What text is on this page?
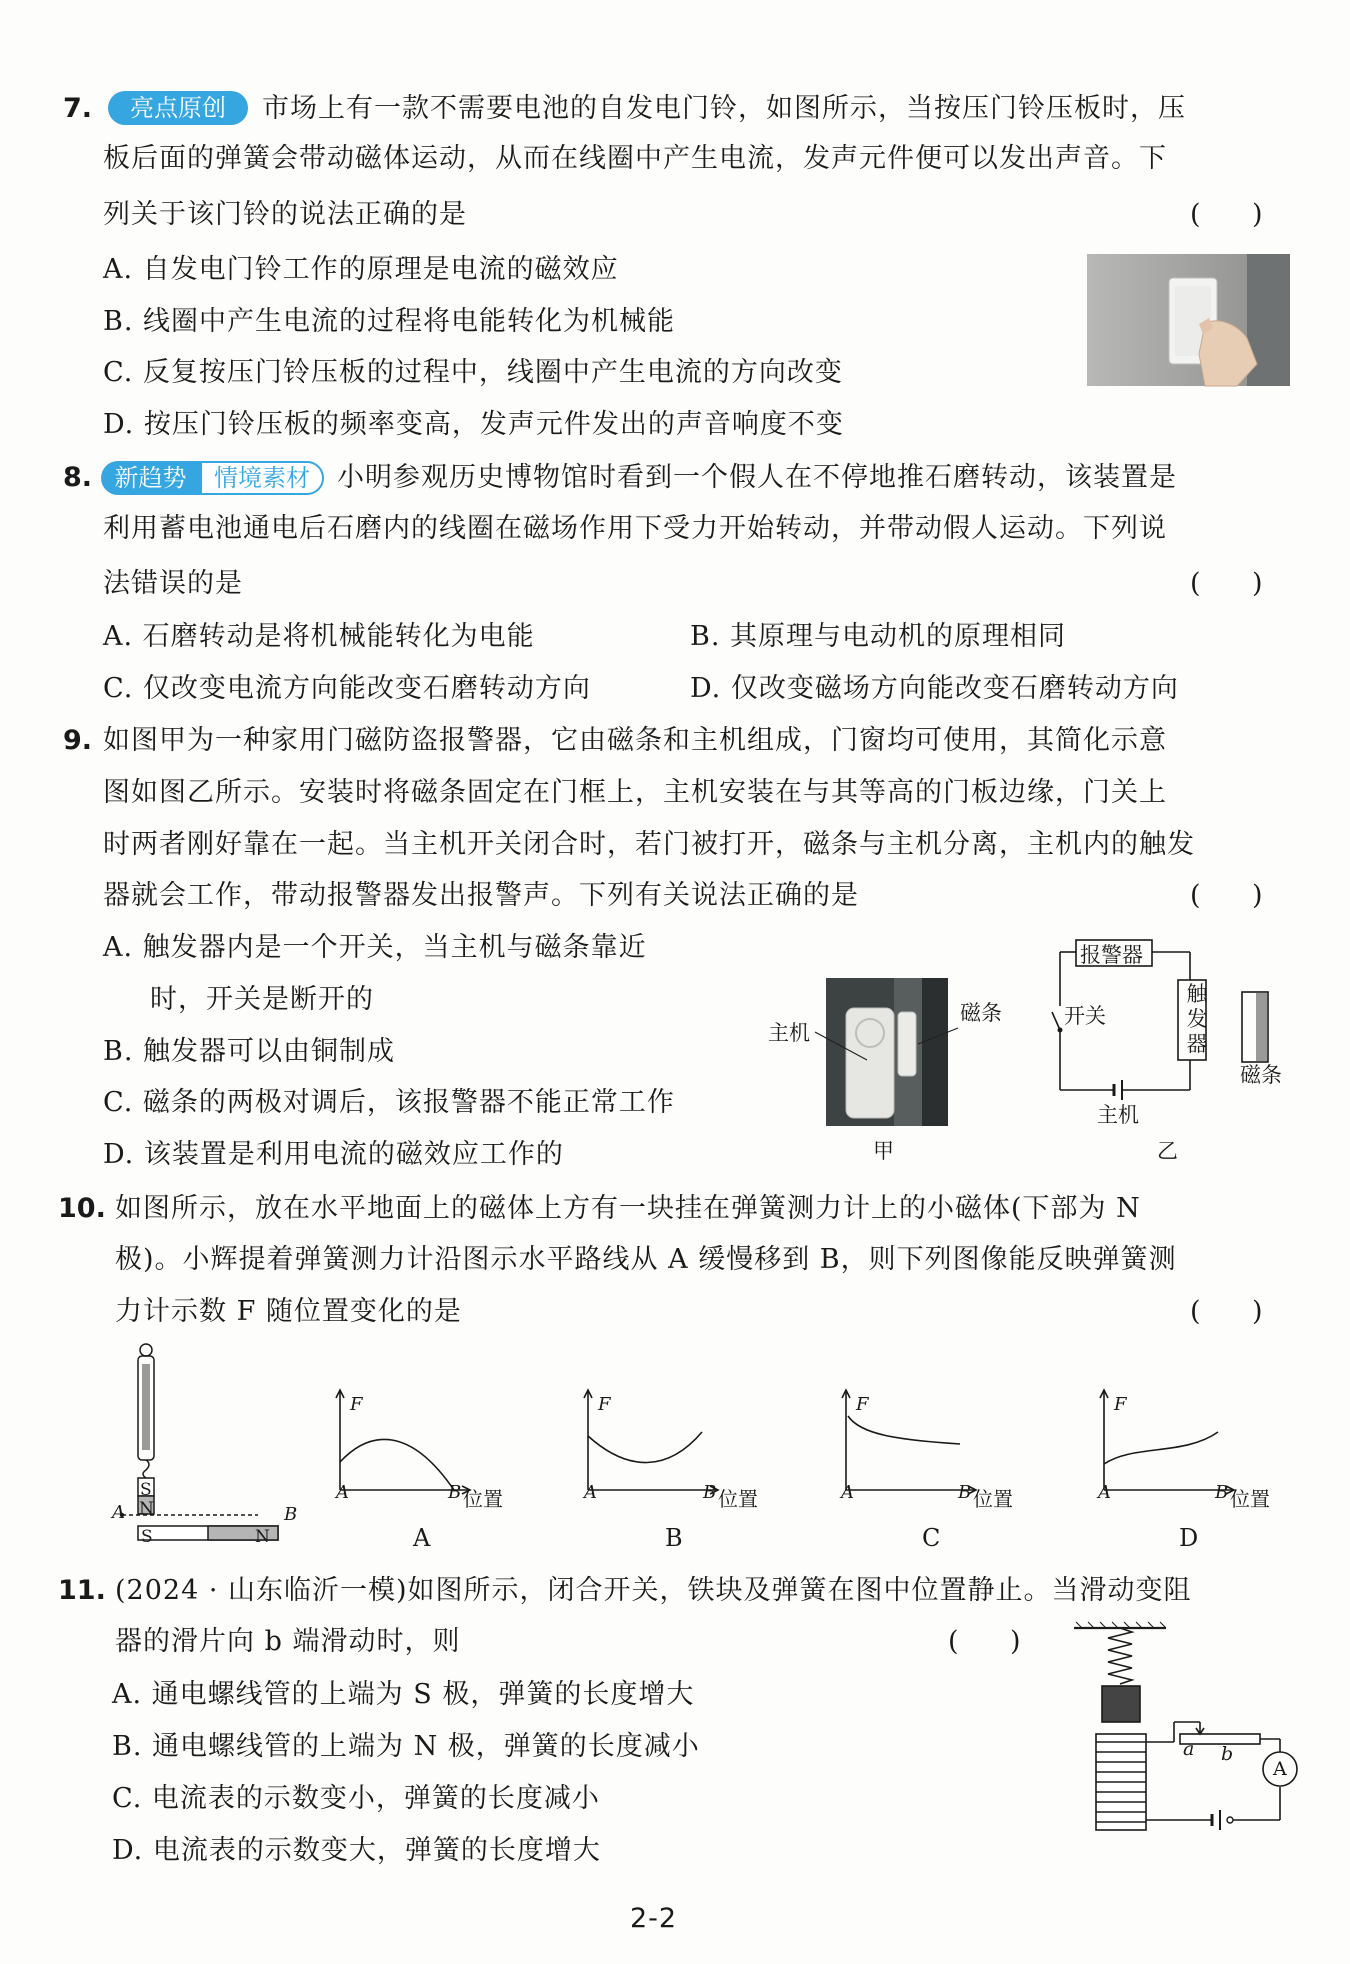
7.	亮点原创	市场上有一款不需要电池的自发电门铃，如图所示，当按压门铃压板时，压
板后面的弹簧会带动磁体运动，从而在线圈中产生电流，发声元件便可以发出声音。下
列关于该门铃的说法正确的是	(      )
A. 自发电门铃工作的原理是电流的磁效应
B. 线圈中产生电流的过程将电能转化为机械能
C. 反复按压门铃压板的过程中，线圈中产生电流的方向改变
D. 按压门铃压板的频率变高，发声元件发出的声音响度不变
8. 新趋势	情境素材	小明参观历史博物馆时看到一个假人在不停地推石磨转动，该装置是
利用蓄电池通电后石磨内的线圈在磁场作用下受力开始转动，并带动假人运动。下列说
法错误的是	(      )
A. 石磨转动是将机械能转化为电能	B. 其原理与电动机的原理相同
C. 仅改变电流方向能改变石磨转动方向	D. 仅改变磁场方向能改变石磨转动方向
9. 如图甲为一种家用门磁防盗报警器，它由磁条和主机组成，门窗均可使用，其简化示意
图如图乙所示。安装时将磁条固定在门框上，主机安装在与其等高的门板边缘，门关上
时两者刚好靠在一起。当主机开关闭合时，若门被打开，磁条与主机分离，主机内的触发
器就会工作，带动报警器发出报警声。下列有关说法正确的是	(      )
A. 触发器内是一个开关，当主机与磁条靠近
时，开关是断开的
B. 触发器可以由铜制成
C. 磁条的两极对调后，该报警器不能正常工作
D. 该装置是利用电流的磁效应工作的
主机
磁条
甲
报警器
开关
触发器
磁条
主机
乙
10. 如图所示，放在水平地面上的磁体上方有一块挂在弹簧测力计上的小磁体(下部为 N
极)。小辉提着弹簧测力计沿图示水平路线从 A 缓慢移到 B，则下列图像能反映弹簧测
力计示数 F 随位置变化的是	(      )
S
N
A	B
S	N
F
A	B 位置
A
F
A	B 位置
B
F
A	B 位置
C
F
A	B 位置
D
11. (2024 · 山东临沂一模)如图所示，闭合开关，铁块及弹簧在图中位置静止。当滑动变阻
器的滑片向 b 端滑动时，则	(      )
A. 通电螺线管的上端为 S 极，弹簧的长度增大
B. 通电螺线管的上端为 N 极，弹簧的长度减小
C. 电流表的示数变小，弹簧的长度减小
D. 电流表的示数变大，弹簧的长度增大
a b
A
2-2
